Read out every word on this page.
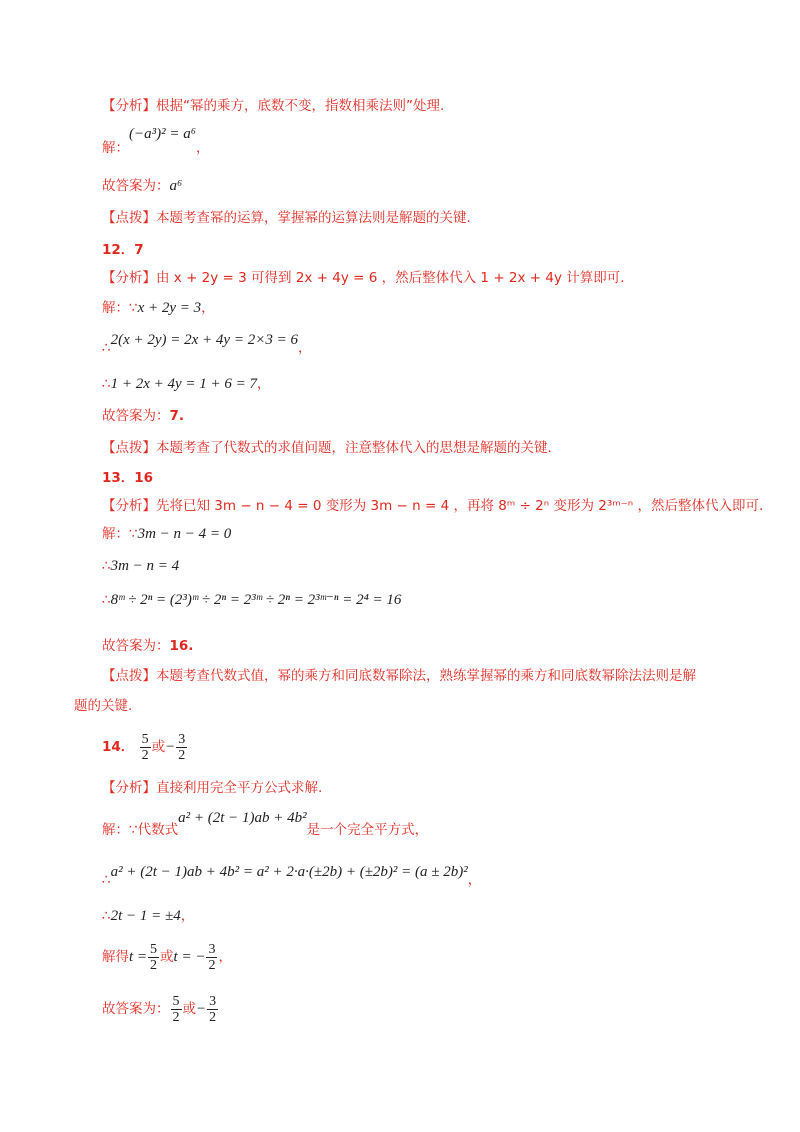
【分析】根据“幂的乘方，底数不变，指数相乘法则”处理.
解：(−a³)² = a⁶，
故答案为：a⁶
【点拨】本题考查幂的运算，掌握幂的运算法则是解题的关键.
12．7
【分析】由 x + 2y = 3 可得到 2x + 4y = 6 ，然后整体代入 1 + 2x + 4y 计算即可.
解：∵x + 2y = 3，
∴2(x + 2y) = 2x + 4y = 2×3 = 6，
∴1 + 2x + 4y = 1 + 6 = 7，
故答案为：7.
【点拨】本题考查了代数式的求值问题，注意整体代入的思想是解题的关键.
13．16
【分析】先将已知 3m − n − 4 = 0 变形为 3m − n = 4 ，再将 8ᵐ ÷ 2ⁿ 变形为 2³ᵐ⁻ⁿ ，然后整体代入即可.
解：∵3m − n − 4 = 0
∴3m − n = 4
∴8ᵐ ÷ 2ⁿ = (2³)ᵐ ÷ 2ⁿ = 2³ᵐ ÷ 2ⁿ = 2³ᵐ⁻ⁿ = 2⁴ = 16
故答案为：16.
【点拨】本题考查代数式值，幂的乘方和同底数幂除法，熟练掌握幂的乘方和同底数幂除法法则是解
题的关键.
14． $\frac{5}{2}$ 或− $\frac{3}{2}$
【分析】直接利用完全平方公式求解.
解：∵代数式a² + (2t − 1)ab + 4b²是一个完全平方式，
∴a² + (2t − 1)ab + 4b² = a² + 2·a·(±2b) + (±2b)² = (a ± 2b)²，
∴2t − 1 = ±4，
解得$t = \frac{5}{2}$ 或t = − $\frac{3}{2}$ ，
故答案为： $\frac{5}{2}$ 或− $\frac{3}{2}$
